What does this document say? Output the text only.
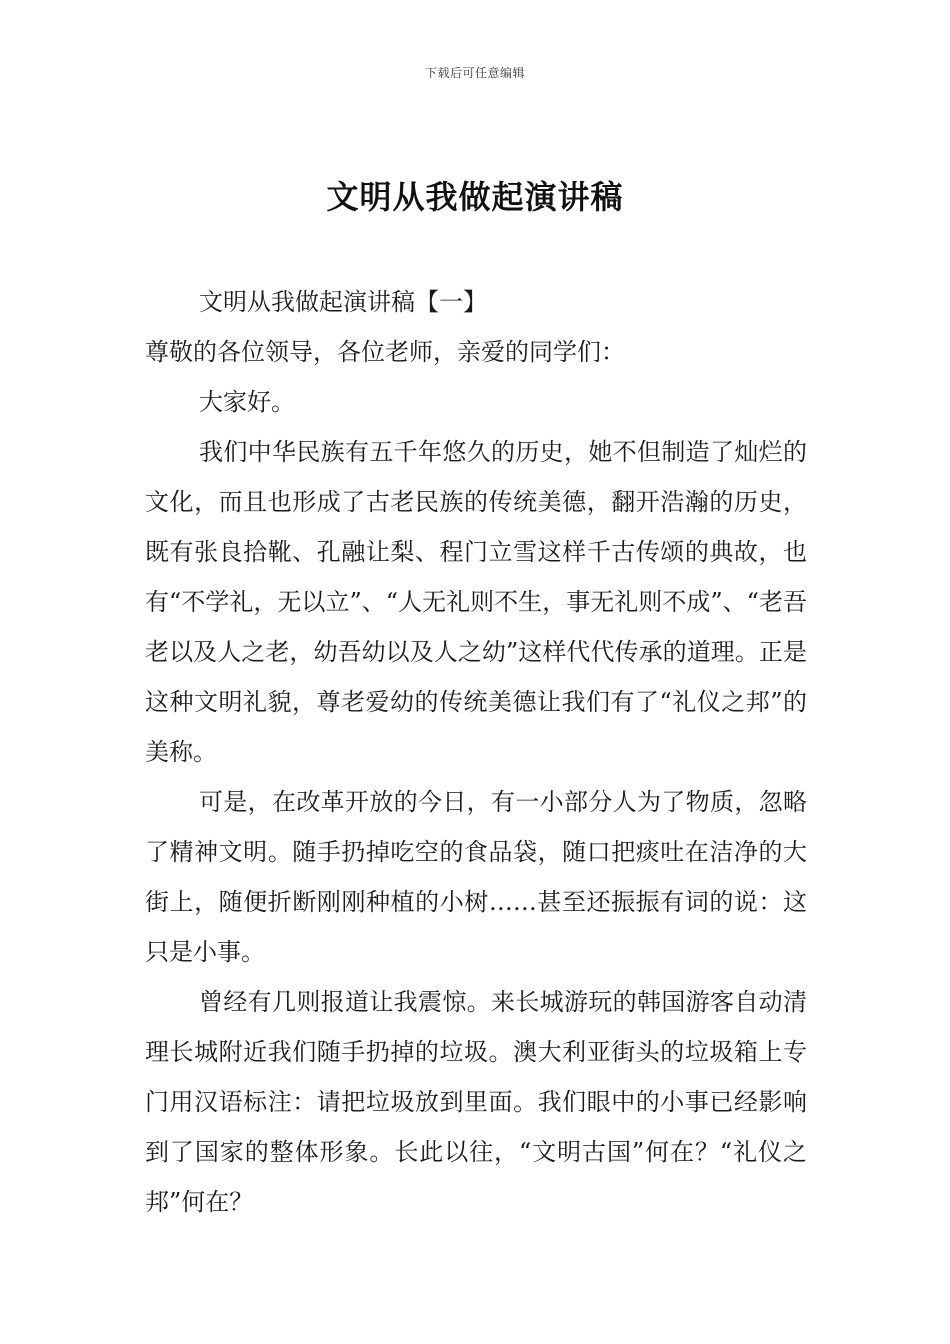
下载后可任意编辑
文明从我做起演讲稿

文明从我做起演讲稿【一】

尊敬的各位领导，各位老师，亲爱的同学们：

大家好。

我们中华民族有五千年悠久的历史，她不但制造了灿烂的文化，而且也形成了古老民族的传统美德，翻开浩瀚的历史，既有张良拾靴、孔融让梨、程门立雪这样千古传颂的典故，也有“不学礼，无以立”、“人无礼则不生，事无礼则不成”、“老吾老以及人之老，幼吾幼以及人之幼”这样代代传承的道理。正是这种文明礼貌，尊老爱幼的传统美德让我们有了“礼仪之邦”的美称。

可是，在改革开放的今日，有一小部分人为了物质，忽略了精神文明。随手扔掉吃空的食品袋，随口把痰吐在洁净的大街上，随便折断刚刚种植的小树……甚至还振振有词的说：这只是小事。

曾经有几则报道让我震惊。来长城游玩的韩国游客自动清理长城附近我们随手扔掉的垃圾。澳大利亚街头的垃圾箱上专门用汉语标注：请把垃圾放到里面。我们眼中的小事已经影响到了国家的整体形象。长此以往，“文明古国”何在？“礼仪之邦”何在？
